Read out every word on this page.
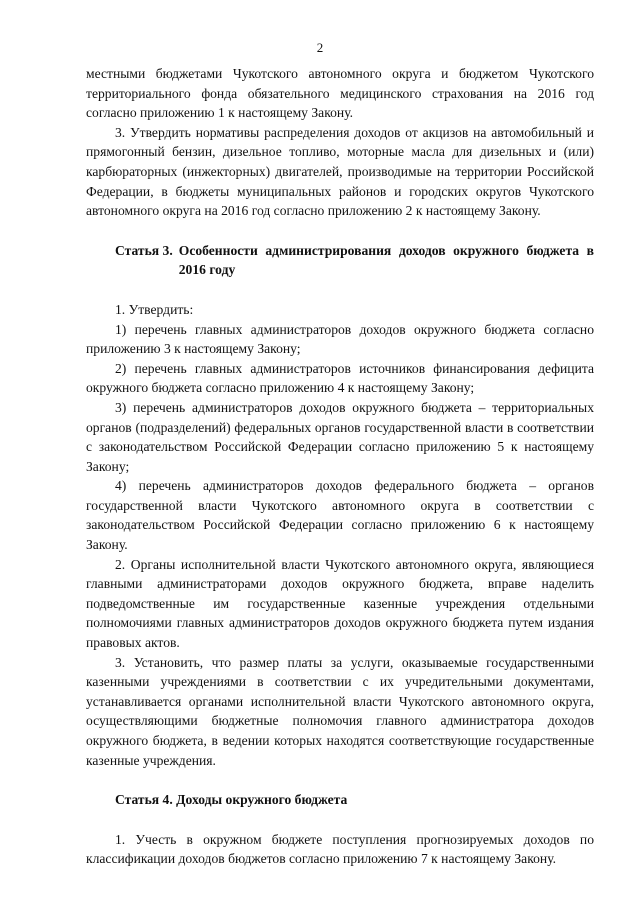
2

местными бюджетами Чукотского автономного округа и бюджетом Чукотского территориального фонда обязательного медицинского страхования на 2016 год согласно приложению 1 к настоящему Закону.

3. Утвердить нормативы распределения доходов от акцизов на автомобильный и прямогонный бензин, дизельное топливо, моторные масла для дизельных и (или) карбюраторных (инжекторных) двигателей, производимые на территории Российской Федерации, в бюджеты муниципальных районов и городских округов Чукотского автономного округа на 2016 год согласно приложению 2 к настоящему Закону.

Статья 3. Особенности администрирования доходов окружного бюджета в 2016 году

1. Утвердить:

1) перечень главных администраторов доходов окружного бюджета согласно приложению 3 к настоящему Закону;

2) перечень главных администраторов источников финансирования дефицита окружного бюджета согласно приложению 4 к настоящему Закону;

3) перечень администраторов доходов окружного бюджета – территориальных органов (подразделений) федеральных органов государственной власти в соответствии с законодательством Российской Федерации согласно приложению 5 к настоящему Закону;

4) перечень администраторов доходов федерального бюджета – органов государственной власти Чукотского автономного округа в соответствии с законодательством Российской Федерации согласно приложению 6 к настоящему Закону.

2. Органы исполнительной власти Чукотского автономного округа, являющиеся главными администраторами доходов окружного бюджета, вправе наделить подведомственные им государственные казенные учреждения отдельными полномочиями главных администраторов доходов окружного бюджета путем издания правовых актов.

3. Установить, что размер платы за услуги, оказываемые государственными казенными учреждениями в соответствии с их учредительными документами, устанавливается органами исполнительной власти Чукотского автономного округа, осуществляющими бюджетные полномочия главного администратора доходов окружного бюджета, в ведении которых находятся соответствующие государственные казенные учреждения.

Статья 4. Доходы окружного бюджета

1. Учесть в окружном бюджете поступления прогнозируемых доходов по классификации доходов бюджетов согласно приложению 7 к настоящему Закону.
